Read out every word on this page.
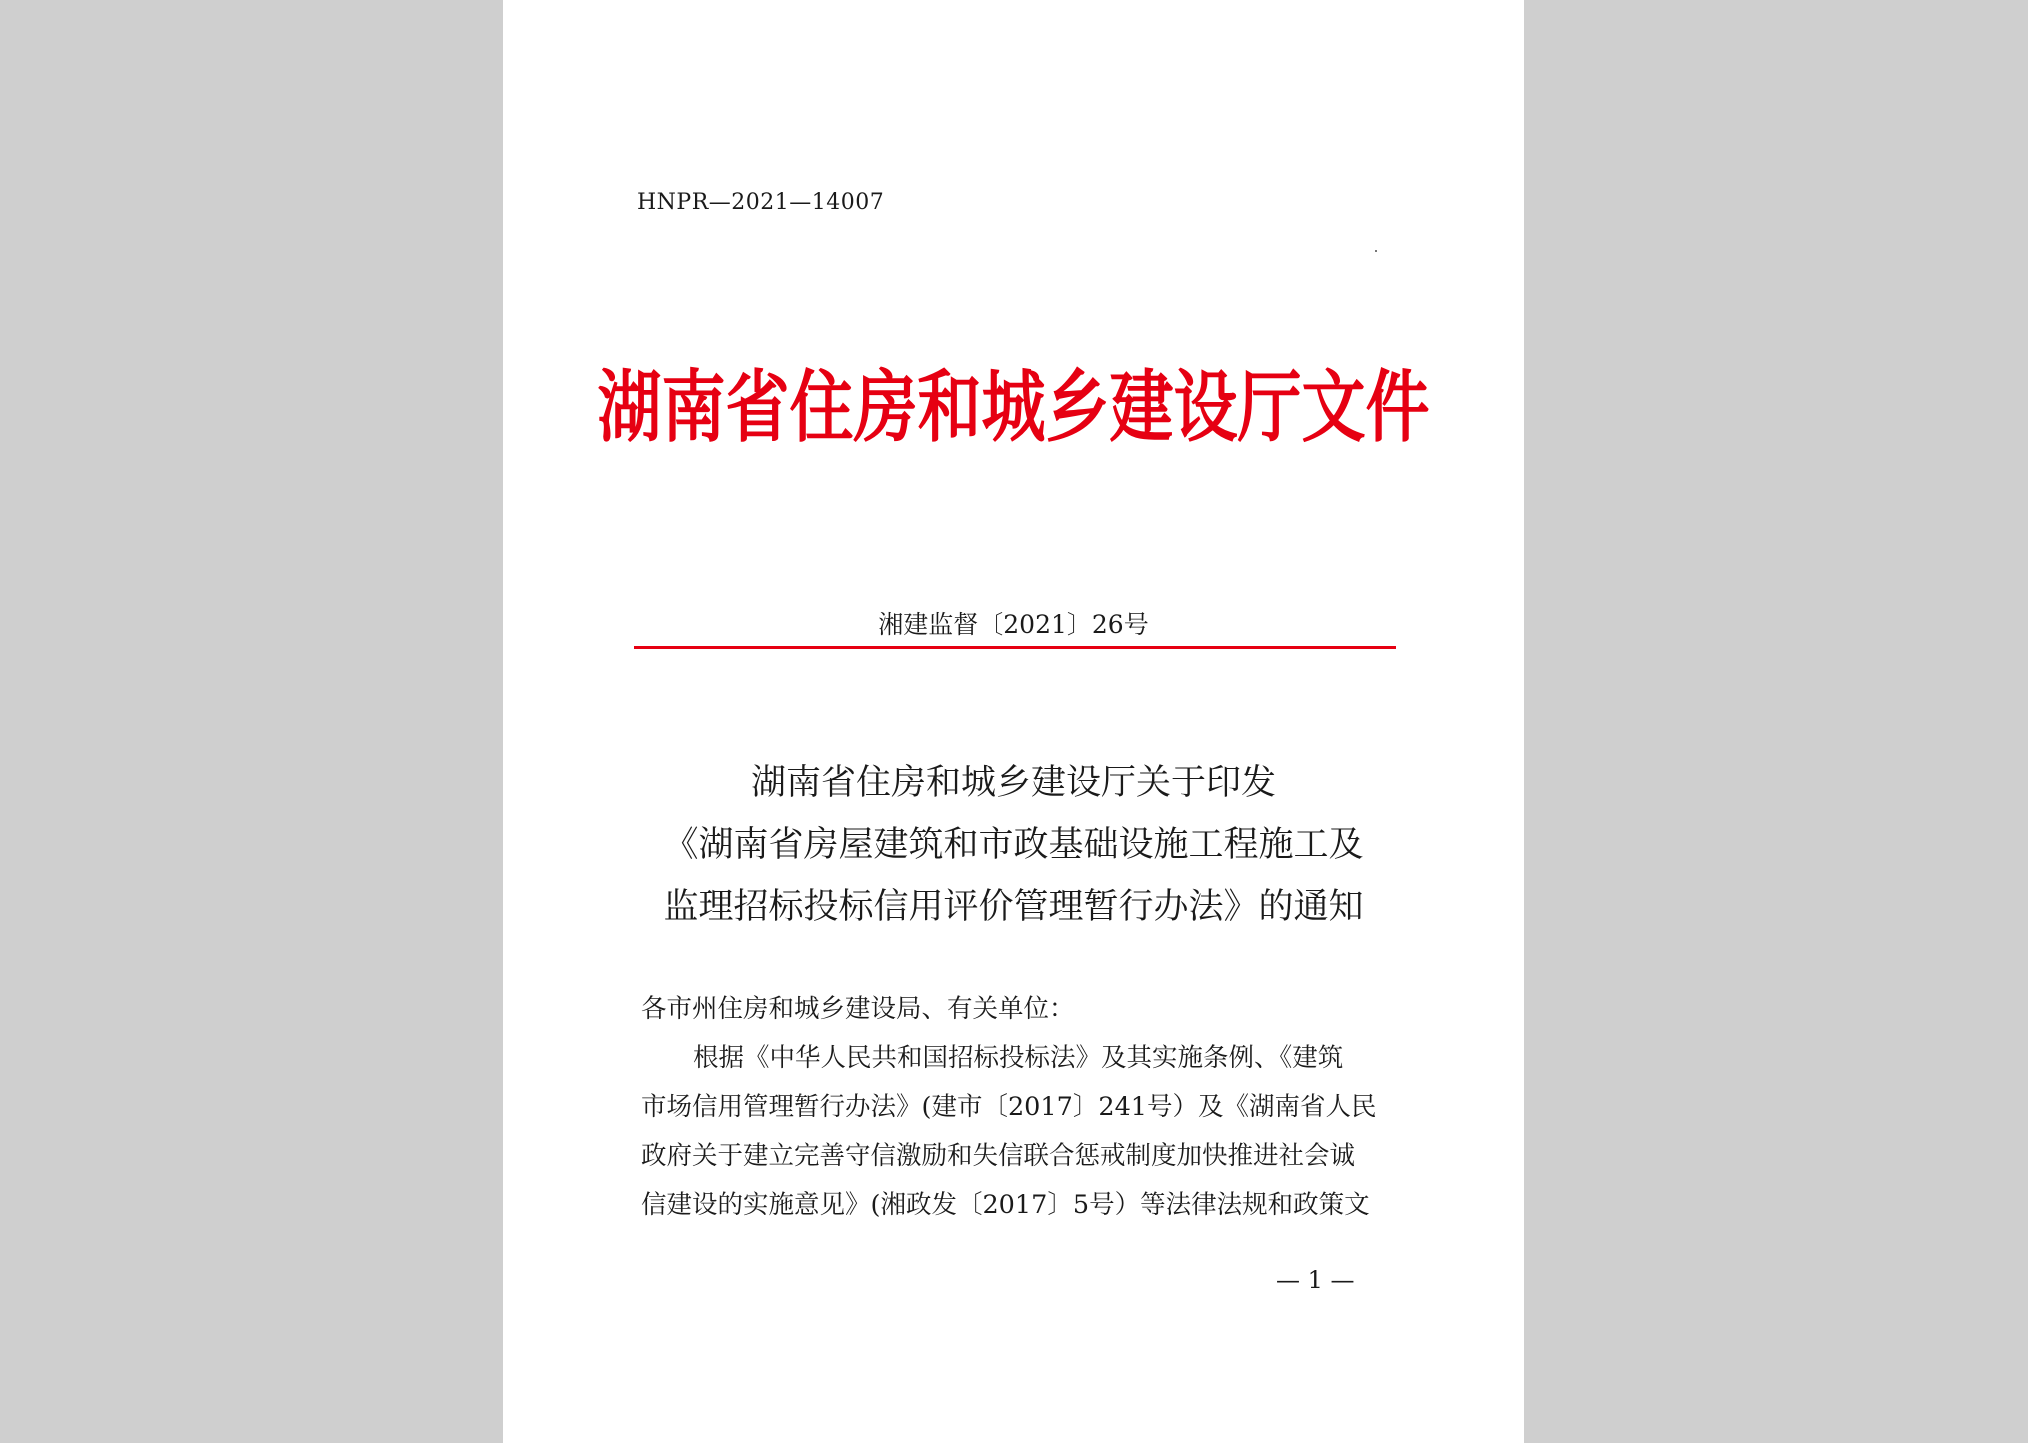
HNPR—2021—14007
湖南省住房和城乡建设厅文件
湘建监督〔2021〕26号
湖南省住房和城乡建设厅关于印发
《湖南省房屋建筑和市政基础设施工程施工及
监理招标投标信用评价管理暂行办法》的通知
各市州住房和城乡建设局、有关单位：
根据《中华人民共和国招标投标法》及其实施条例、《建筑
市场信用管理暂行办法》(建市〔2017〕241号）及《湖南省人民
政府关于建立完善守信激励和失信联合惩戒制度加快推进社会诚
信建设的实施意见》(湘政发〔2017〕5号）等法律法规和政策文
— 1 —
